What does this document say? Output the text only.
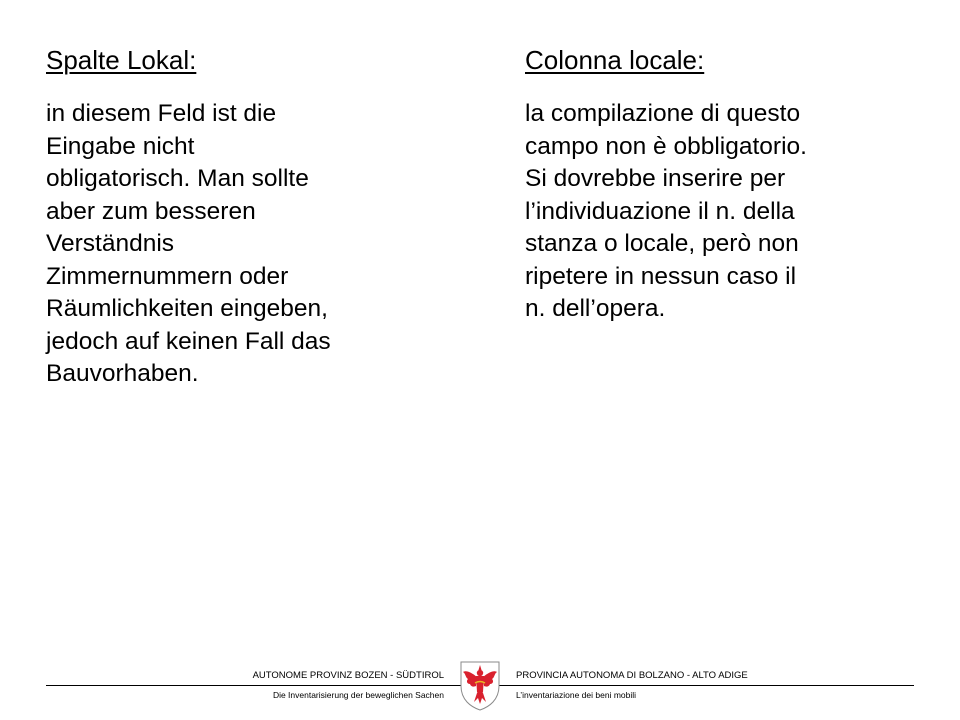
Spalte Lokal:

in diesem Feld ist die
Eingabe nicht
obligatorisch. Man sollte
aber zum besseren
Verständnis
Zimmernummern oder
Räumlichkeiten eingeben,
jedoch auf keinen Fall das
Bauvorhaben.

Colonna locale:

la compilazione di questo
campo non è obbligatorio.
Si dovrebbe inserire per
l’individuazione il n. della
stanza o locale, però non
ripetere in nessun caso il
n. dell’opera.

AUTONOME PROVINZ BOZEN - SÜDTIROL	PROVINCIA AUTONOMA DI BOLZANO - ALTO ADIGE
Die Inventarisierung der beweglichen Sachen	L’inventariazione dei beni mobili
